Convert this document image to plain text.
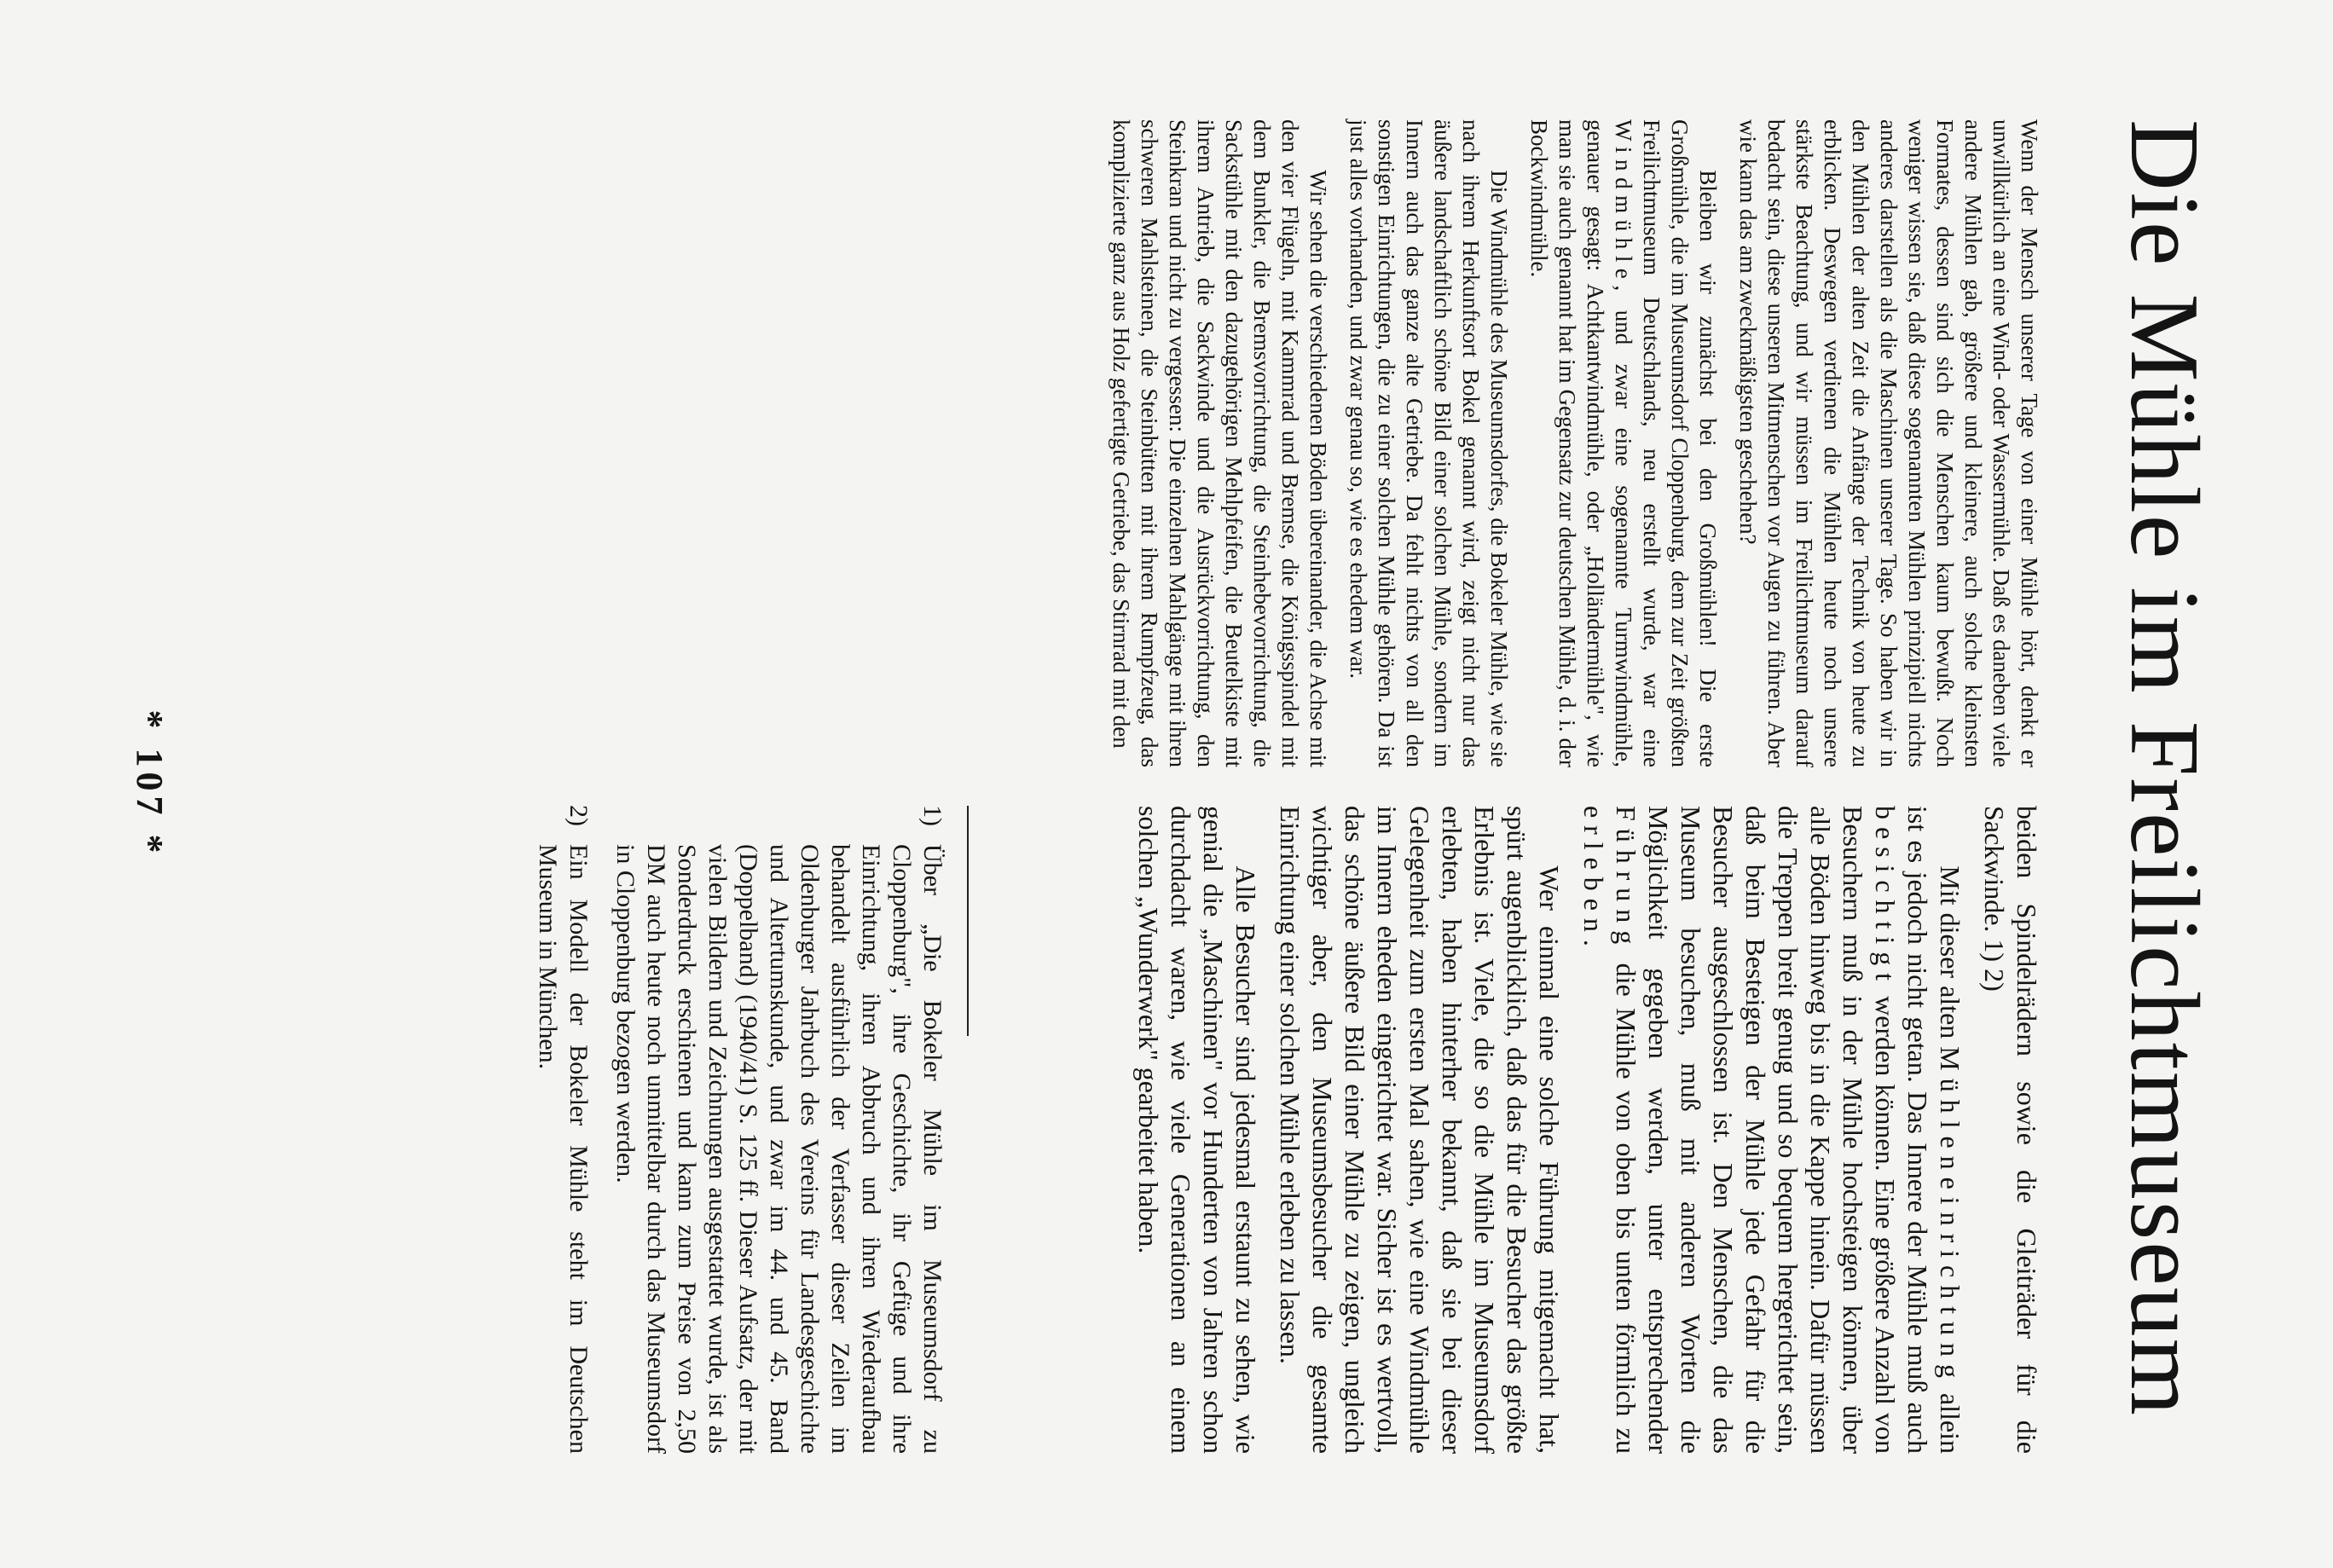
Die Mühle im Freilichtmuseum

Wenn der Mensch unserer Tage von einer Mühle hört, denkt er unwillkürlich an eine Wind- oder Wassermühle. Daß es daneben viele andere Mühlen gab, größere und kleinere, auch solche kleinsten Formates, dessen sind sich die Menschen kaum bewußt. Noch weniger wissen sie, daß diese sogenannten Mühlen prinzipiell nichts anderes darstellen als die Maschinen unserer Tage. So haben wir in den Mühlen der alten Zeit die Anfänge der Technik von heute zu erblicken. Deswegen verdienen die Mühlen heute noch unsere stärkste Beachtung, und wir müssen im Freilichtmuseum darauf bedacht sein, diese unseren Mitmenschen vor Augen zu führen. Aber wie kann das am zweckmäßigsten geschehen?

Bleiben wir zunächst bei den Großmühlen! Die erste Großmühle, die im Museumsdorf Cloppenburg, dem zur Zeit größten Freilichtmuseum Deutschlands, neu erstellt wurde, war eine Windmühle, und zwar eine sogenannte Turmwindmühle, genauer gesagt: Achtkantwindmühle, oder „Holländermühle", wie man sie auch genannt hat im Gegensatz zur deutschen Mühle, d. i. der Bockwindmühle.

Die Windmühle des Museumsdorfes, die Bokeler Mühle, wie sie nach ihrem Herkunftsort Bokel genannt wird, zeigt nicht nur das äußere landschaftlich schöne Bild einer solchen Mühle, sondern im Innern auch das ganze alte Getriebe. Da fehlt nichts von all den sonstigen Einrichtungen, die zu einer solchen Mühle gehören. Da ist just alles vorhanden, und zwar genau so, wie es ehedem war.

Wir sehen die verschiedenen Böden übereinander, die Achse mit den vier Flügeln, mit Kammrad und Bremse, die Königsspindel mit dem Bunkler, die Bremsvorrichtung, die Steinhebevorrichtung, die Sackstühle mit den dazugehörigen Mehlpfeifen, die Beutelkiste mit ihrem Antrieb, die Sackwinde und die Ausrückvorrichtung, den Steinkran und nicht zu vergessen: Die einzelnen Mahlgänge mit ihren schweren Mahlsteinen, die Steinbütten mit ihrem Rumpfzeug, das komplizierte ganz aus Holz gefertigte Getriebe, das Stirnrad mit den

beiden Spindelrädern sowie die Gleiträder für die Sackwinde. 1) 2)

Mit dieser alten Mühleneinrichtung allein ist es jedoch nicht getan. Das Innere der Mühle muß auch besichtigt werden können. Eine größere Anzahl von Besuchern muß in der Mühle hochsteigen können, über alle Böden hinweg bis in die Kappe hinein. Dafür müssen die Treppen breit genug und so bequem hergerichtet sein, daß beim Besteigen der Mühle jede Gefahr für die Besucher ausgeschlossen ist. Den Menschen, die das Museum besuchen, muß mit anderen Worten die Möglichkeit gegeben werden, unter entsprechender Führung die Mühle von oben bis unten förmlich zu erleben.

Wer einmal eine solche Führung mitgemacht hat, spürt augenblicklich, daß das für die Besucher das größte Erlebnis ist. Viele, die so die Mühle im Museumsdorf erlebten, haben hinterher bekannt, daß sie bei dieser Gelegenheit zum ersten Mal sahen, wie eine Windmühle im Innern eheden eingerichtet war. Sicher ist es wertvoll, das schöne äußere Bild einer Mühle zu zeigen, ungleich wichtiger aber, den Museumsbesucher die gesamte Einrichtung einer solchen Mühle erleben zu lassen.

Alle Besucher sind jedesmal erstaunt zu sehen, wie genial die „Maschinen" vor Hunderten von Jahren schon durchdacht waren, wie viele Generationen an einem solchen „Wunderwerk" gearbeitet haben.

1)
Über „Die Bokeler Mühle im Museumsdorf zu Cloppenburg", ihre Geschichte, ihr Gefüge und ihre Einrichtung, ihren Abbruch und ihren Wiederaufbau behandelt ausführlich der Verfasser dieser Zeilen im Oldenburger Jahrbuch des Vereins für Landesgeschichte und Altertumskunde, und zwar im 44. und 45. Band (Doppelband) (1940/41) S. 125 ff. Dieser Aufsatz, der mit vielen Bildern und Zeichnungen ausgestattet wurde, ist als Sonderdruck erschienen und kann zum Preise von 2,50 DM auch heute noch unmittelbar durch das Museumsdorf in Cloppenburg bezogen werden.
2)
Ein Modell der Bokeler Mühle steht im Deutschen Museum in München.
* 107 *
